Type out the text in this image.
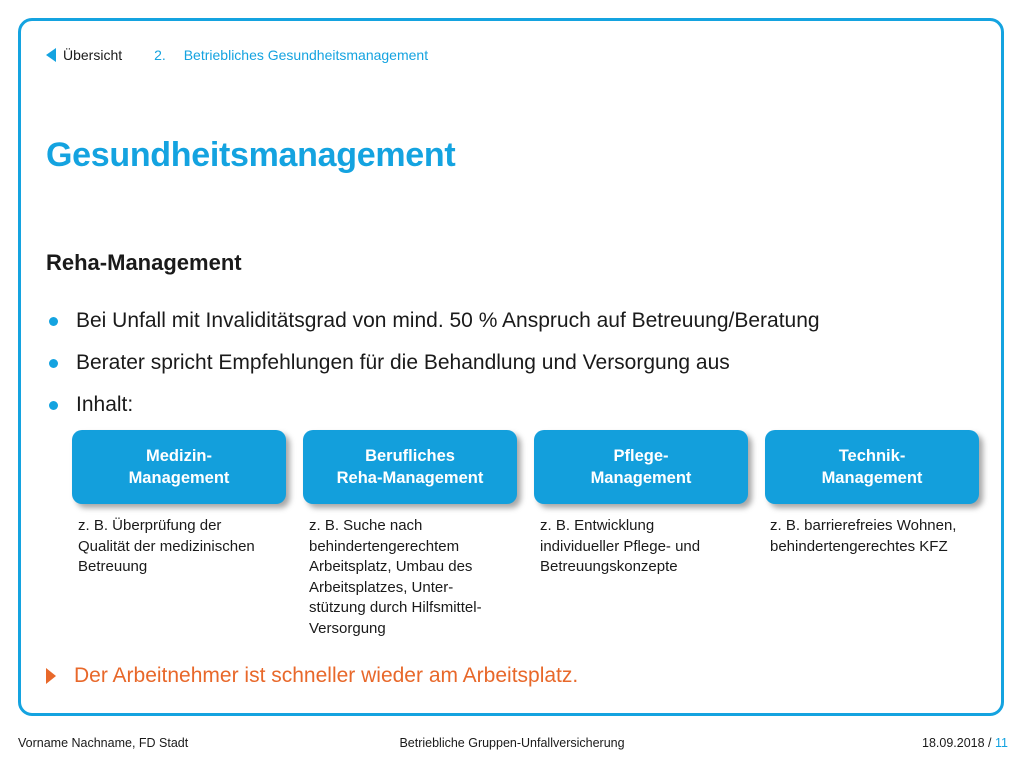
Übersicht 2. Betriebliches Gesundheitsmanagement
Gesundheitsmanagement
Reha-Management
Bei Unfall mit Invaliditätsgrad von mind. 50 % Anspruch auf Betreuung/Beratung
Berater spricht Empfehlungen für die Behandlung und Versorgung aus
Inhalt:
Medizin-
Management
Berufliches
Reha-Management
Pflege-
Management
Technik-
Management
z. B. Überprüfung der
Qualität der medizinischen
Betreuung
z. B. Suche nach
behindertengerechtem
Arbeitsplatz, Umbau des
Arbeitsplatzes, Unter-
stützung durch Hilfsmittel-
Versorgung
z. B. Entwicklung
individueller Pflege- und
Betreuungskonzepte
z. B. barrierefreies Wohnen,
behindertengerechtes KFZ
Der Arbeitnehmer ist schneller wieder am Arbeitsplatz.
Vorname Nachname, FD Stadt	Betriebliche Gruppen-Unfallversicherung	18.09.2018 / 11
